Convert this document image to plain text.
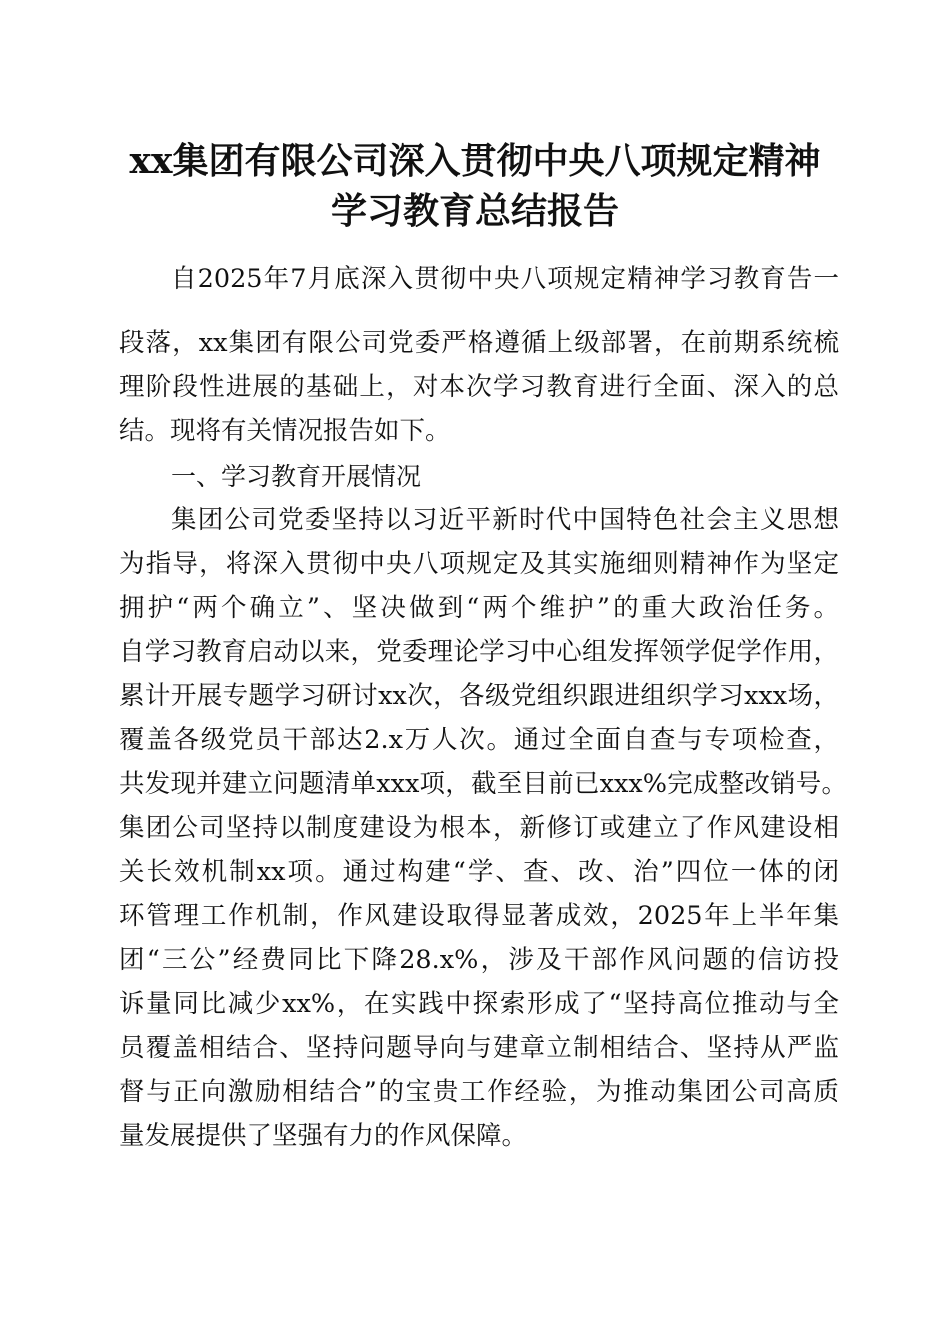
xx集团有限公司深入贯彻中央八项规定精神
学习教育总结报告
自2025年7月底深入贯彻中央八项规定精神学习教育告一
段落，xx集团有限公司党委严格遵循上级部署，在前期系统梳
理阶段性进展的基础上，对本次学习教育进行全面、深入的总
结。现将有关情况报告如下。
一、学习教育开展情况
集团公司党委坚持以习近平新时代中国特色社会主义思想
为指导，将深入贯彻中央八项规定及其实施细则精神作为坚定
拥护“两个确立”、坚决做到“两个维护”的重大政治任务。
自学习教育启动以来，党委理论学习中心组发挥领学促学作用，
累计开展专题学习研讨xx次，各级党组织跟进组织学习xxx场，
覆盖各级党员干部达2.x万人次。通过全面自查与专项检查，
共发现并建立问题清单xxx项，截至目前已xxx%完成整改销号。
集团公司坚持以制度建设为根本，新修订或建立了作风建设相
关长效机制xx项。通过构建“学、查、改、治”四位一体的闭
环管理工作机制，作风建设取得显著成效，2025年上半年集
团“三公”经费同比下降28.x%，涉及干部作风问题的信访投
诉量同比减少xx%，在实践中探索形成了“坚持高位推动与全
员覆盖相结合、坚持问题导向与建章立制相结合、坚持从严监
督与正向激励相结合”的宝贵工作经验，为推动集团公司高质
量发展提供了坚强有力的作风保障。
